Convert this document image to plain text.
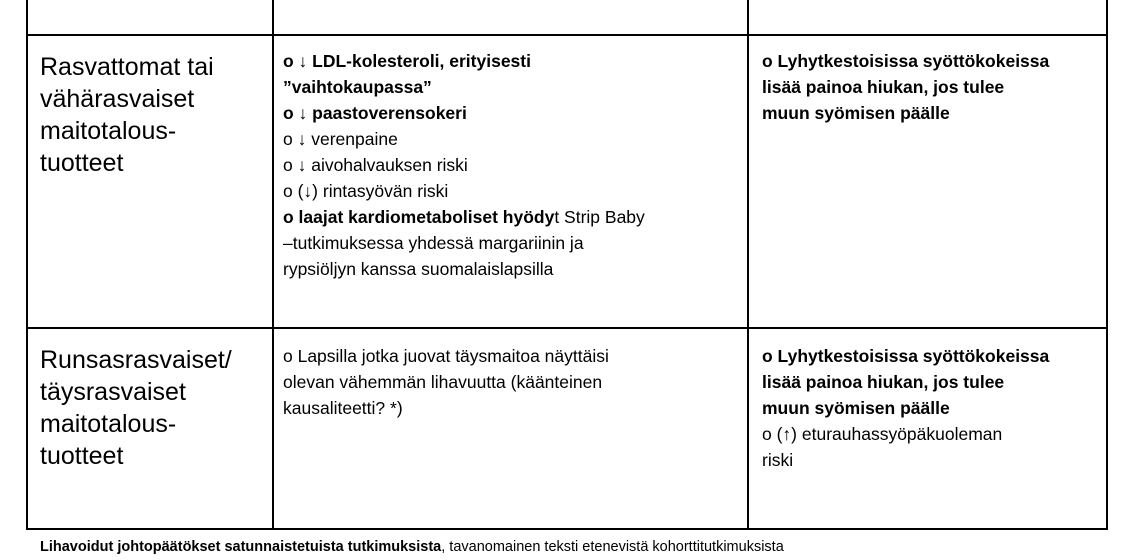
Rasvattomat tai
vähärasvaiset
maitotalous-
tuotteet
o ↓ LDL-kolesteroli, erityisesti
”vaihtokaupassa”
o ↓ paastoverensokeri
o ↓ verenpaine
o ↓ aivohalvauksen riski
o (↓) rintasyövän riski
o laajat kardiometaboliset hyödyt Strip Baby
–tutkimuksessa yhdessä margariinin ja
rypsiöljyn kanssa suomalaislapsilla
o Lyhytkestoisissa syöttökokeissa
lisää painoa hiukan, jos tulee
muun syömisen päälle
Runsasrasvaiset/
täysrasvaiset
maitotalous-
tuotteet
o Lapsilla jotka juovat täysmaitoa näyttäisi
olevan vähemmän lihavuutta (käänteinen
kausaliteetti? *)
o Lyhytkestoisissa syöttökokeissa
lisää painoa hiukan, jos tulee
muun syömisen päälle
o (↑) eturauhassyöpäkuoleman
riski
Lihavoidut johtopäätökset satunnaistetuista tutkimuksista, tavanomainen teksti etenevistä kohorttitutkimuksista
